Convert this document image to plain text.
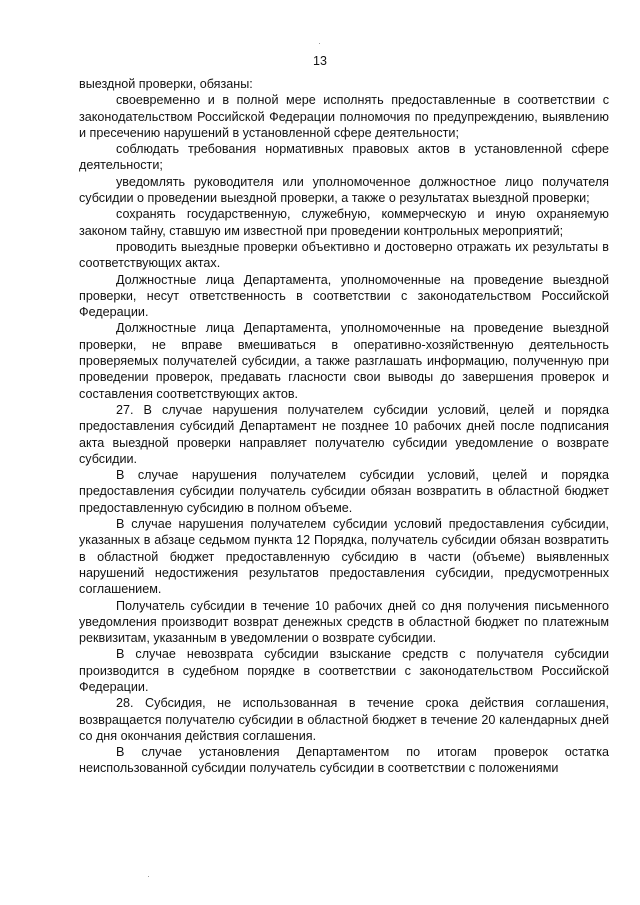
13

выездной проверки, обязаны:

своевременно и в полной мере исполнять предоставленные в соответствии с законодательством Российской Федерации полномочия по предупреждению, выявлению и пресечению нарушений в установленной сфере деятельности;

соблюдать требования нормативных правовых актов в установленной сфере деятельности;

уведомлять руководителя или уполномоченное должностное лицо получателя субсидии о проведении выездной проверки, а также о результатах выездной проверки;

сохранять государственную, служебную, коммерческую и иную охраняемую законом тайну, ставшую им известной при проведении контрольных мероприятий;

проводить выездные проверки объективно и достоверно отражать их результаты в соответствующих актах.

Должностные лица Департамента, уполномоченные на проведение выездной проверки, несут ответственность в соответствии с законодательством Российской Федерации.

Должностные лица Департамента, уполномоченные на проведение выездной проверки, не вправе вмешиваться в оперативно-хозяйственную деятельность проверяемых получателей субсидии, а также разглашать информацию, полученную при проведении проверок, предавать гласности свои выводы до завершения проверок и составления соответствующих актов.

27. В случае нарушения получателем субсидии условий, целей и порядка предоставления субсидий Департамент не позднее 10 рабочих дней после подписания акта выездной проверки направляет получателю субсидии уведомление о возврате субсидии.

В случае нарушения получателем субсидии условий, целей и порядка предоставления субсидии получатель субсидии обязан возвратить в областной бюджет предоставленную субсидию в полном объеме.

В случае нарушения получателем субсидии условий предоставления субсидии, указанных в абзаце седьмом пункта 12 Порядка, получатель субсидии обязан возвратить в областной бюджет предоставленную субсидию в части (объеме) выявленных нарушений недостижения результатов предоставления субсидии, предусмотренных соглашением.

Получатель субсидии в течение 10 рабочих дней со дня получения письменного уведомления производит возврат денежных средств в областной бюджет по платежным реквизитам, указанным в уведомлении о возврате субсидии.

В случае невозврата субсидии взыскание средств с получателя субсидии производится в судебном порядке в соответствии с законодательством Российской Федерации.

28. Субсидия, не использованная в течение срока действия соглашения, возвращается получателю субсидии в областной бюджет в течение 20 календарных дней со дня окончания действия соглашения.

В случае установления Департаментом по итогам проверок остатка неиспользованной субсидии получатель субсидии в соответствии с положениями
